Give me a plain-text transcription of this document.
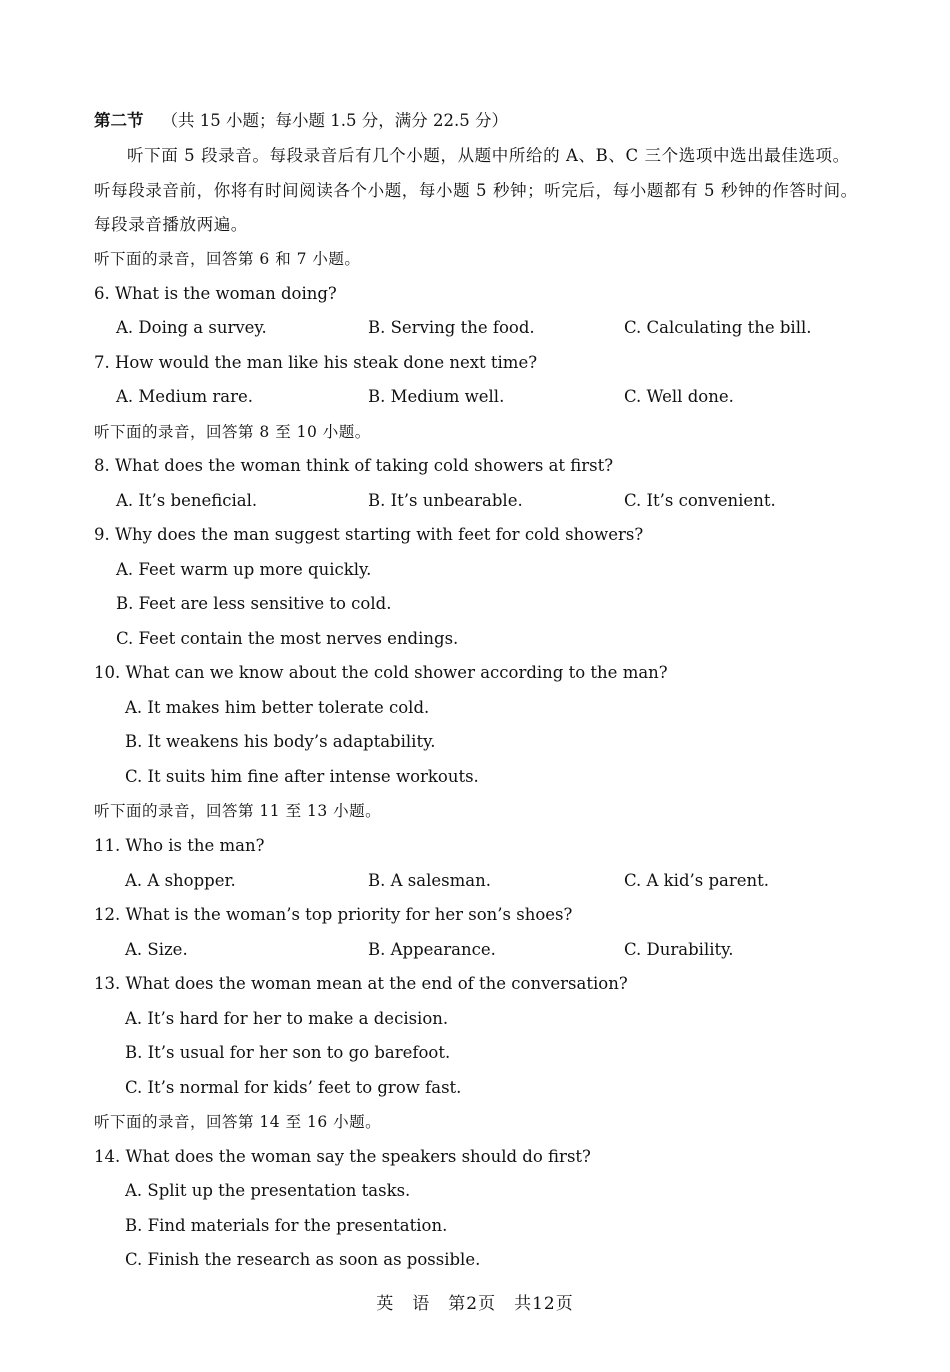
第二节 （共 15 小题；每小题 1.5 分，满分 22.5 分）
听下面 5 段录音。每段录音后有几个小题，从题中所给的 A、B、C 三个选项中选出最佳选项。听每段录音前，你将有时间阅读各个小题，每小题 5 秒钟；听完后，每小题都有 5 秒钟的作答时间。每段录音播放两遍。
听下面的录音，回答第 6 和 7 小题。
6. What is the woman doing?
A. Doing a survey.	B. Serving the food.	C. Calculating the bill.
7. How would the man like his steak done next time?
A. Medium rare.	B. Medium well.	C. Well done.
听下面的录音，回答第 8 至 10 小题。
8. What does the woman think of taking cold showers at first?
A. It’s beneficial.	B. It’s unbearable.	C. It’s convenient.
9. Why does the man suggest starting with feet for cold showers?
A. Feet warm up more quickly.
B. Feet are less sensitive to cold.
C. Feet contain the most nerves endings.
10. What can we know about the cold shower according to the man?
A. It makes him better tolerate cold.
B. It weakens his body’s adaptability.
C. It suits him fine after intense workouts.
听下面的录音，回答第 11 至 13 小题。
11. Who is the man?
A. A shopper.	B. A salesman.	C. A kid’s parent.
12. What is the woman’s top priority for her son’s shoes?
A. Size.	B. Appearance.	C. Durability.
13. What does the woman mean at the end of the conversation?
A. It’s hard for her to make a decision.
B. It’s usual for her son to go barefoot.
C. It’s normal for kids’ feet to grow fast.
听下面的录音，回答第 14 至 16 小题。
14. What does the woman say the speakers should do first?
A. Split up the presentation tasks.
B. Find materials for the presentation.
C. Finish the research as soon as possible.
英　语　第2页　共12页
